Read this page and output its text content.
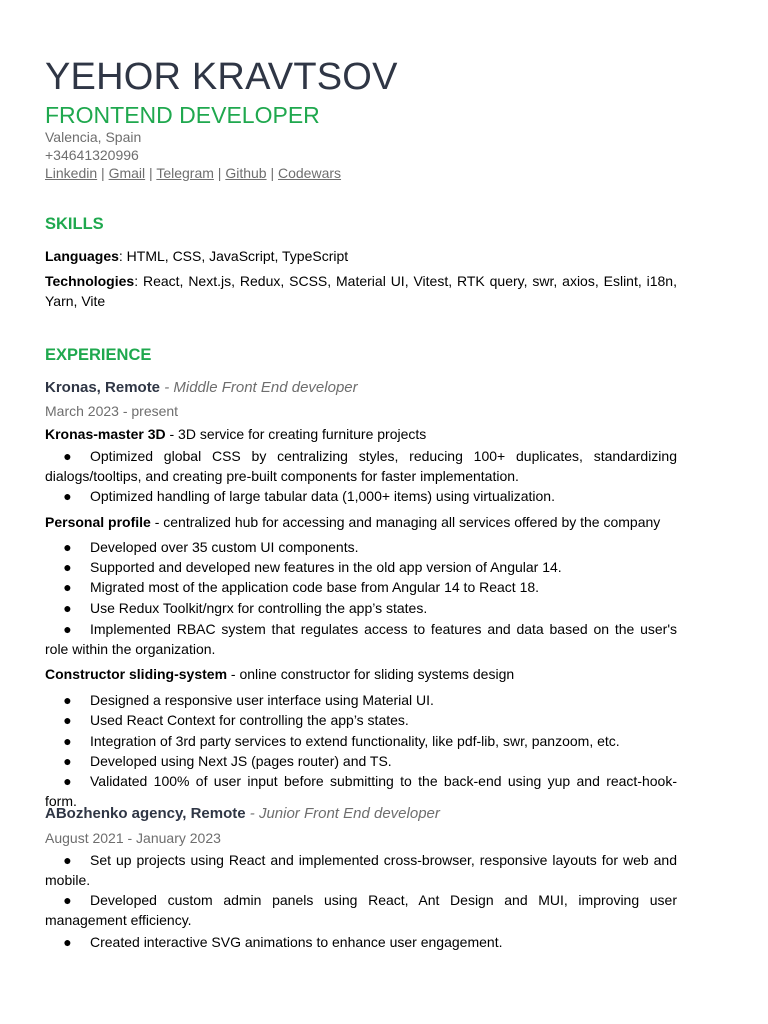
YEHOR KRAVTSOV
FRONTEND DEVELOPER
Valencia, Spain
+34641320996
Linkedin | Gmail | Telegram | Github | Codewars
SKILLS
Languages: HTML, CSS, JavaScript, TypeScript
Technologies: React, Next.js, Redux, SCSS, Material UI, Vitest, RTK query, swr, axios, Eslint, i18n, Yarn, Vite
EXPERIENCE
Kronas, Remote - Middle Front End developer
March 2023 - present
Kronas-master 3D - 3D service for creating furniture projects
● Optimized global CSS by centralizing styles, reducing 100+ duplicates, standardizing dialogs/tooltips, and creating pre-built components for faster implementation.
● Optimized handling of large tabular data (1,000+ items) using virtualization.
Personal profile - centralized hub for accessing and managing all services offered by the company
● Developed over 35 custom UI components.
● Supported and developed new features in the old app version of Angular 14.
● Migrated most of the application code base from Angular 14 to React 18.
● Use Redux Toolkit/ngrx for controlling the app’s states.
● Implemented RBAC system that regulates access to features and data based on the user's role within the organization.
Constructor sliding-system - online constructor for sliding systems design
● Designed a responsive user interface using Material UI.
● Used React Context for controlling the app’s states.
● Integration of 3rd party services to extend functionality, like pdf-lib, swr, panzoom, etc.
● Developed using Next JS (pages router) and TS.
● Validated 100% of user input before submitting to the back-end using yup and react-hook-form.
ABozhenko agency, Remote - Junior Front End developer
August 2021 - January 2023
● Set up projects using React and implemented cross-browser, responsive layouts for web and mobile.
● Developed custom admin panels using React, Ant Design and MUI, improving user management efficiency.
● Created interactive SVG animations to enhance user engagement.
